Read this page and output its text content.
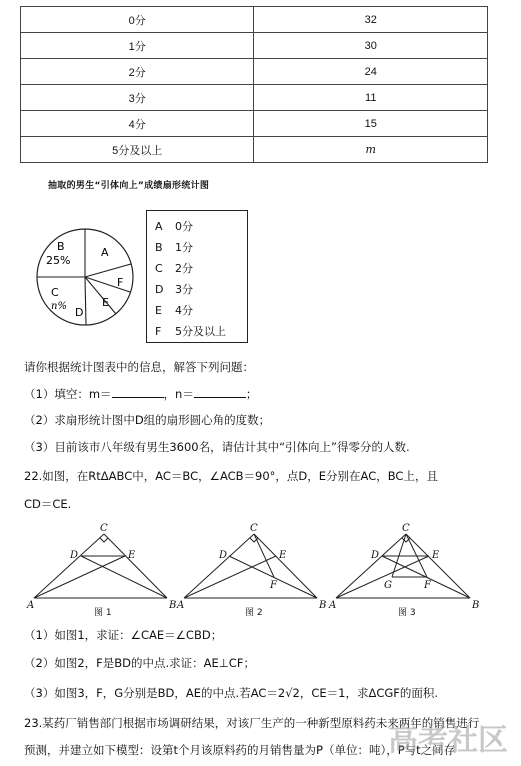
0分	32
1分	30
2分	24
3分	11
4分	15
5分及以上	m
抽取的男生“引体向上”成绩扇形统计图
B
25%
A
C
n% D
E
F
A 0分
B 1分
C 2分
D 3分
E 4分
F 5分及以上
请你根据统计图表中的信息，解答下列问题：
（1）填空：m＝	，n＝	；
（2）求扇形统计图中D组的扇形圆心角的度数；
（3）目前该市八年级有男生3600名，请估计其中“引体向上”得零分的人数.
22.如图，在RtΔABC中，AC＝BC，∠ACB＝90°，点D，E分别在AC，BC上，且
CD＝CE.
A	B
C
D	E
A	B
C
D	E
F
A	B
C
D	E
F
G
图 1	图 2	图 3
（1）如图1，求证：∠CAE＝∠CBD；
（2）如图2，F是BD的中点.求证：AE⊥CF；
（3）如图3，F，G分别是BD，AE的中点.若AC＝2√2，CE＝1，求ΔCGF的面积.
23.某药厂销售部门根据市场调研结果，对该厂生产的一种新型原料药未来两年的销售进行
预测，并建立如下模型：设第t个月该原料药的月销售量为P（单位：吨），P与t之间存
高考社区
